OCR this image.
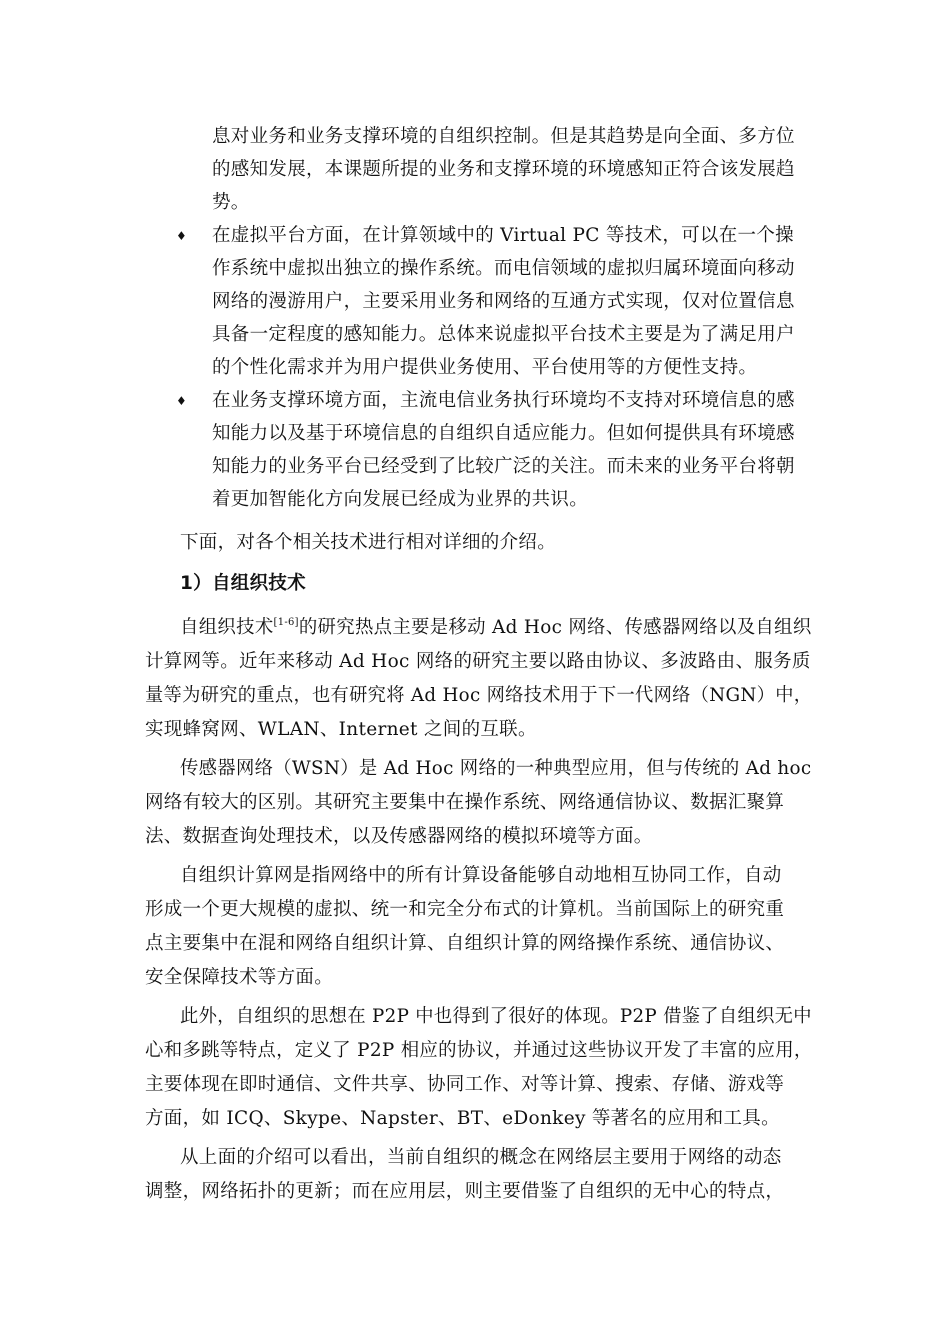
息对业务和业务支撑环境的自组织控制。但是其趋势是向全面、多方位
的感知发展，本课题所提的业务和支撑环境的环境感知正符合该发展趋
势。
♦ 在虚拟平台方面，在计算领域中的 Virtual PC 等技术，可以在一个操
作系统中虚拟出独立的操作系统。而电信领域的虚拟归属环境面向移动
网络的漫游用户，主要采用业务和网络的互通方式实现，仅对位置信息
具备一定程度的感知能力。总体来说虚拟平台技术主要是为了满足用户
的个性化需求并为用户提供业务使用、平台使用等的方便性支持。
♦ 在业务支撑环境方面，主流电信业务执行环境均不支持对环境信息的感
知能力以及基于环境信息的自组织自适应能力。但如何提供具有环境感
知能力的业务平台已经受到了比较广泛的关注。而未来的业务平台将朝
着更加智能化方向发展已经成为业界的共识。
下面，对各个相关技术进行相对详细的介绍。
1）自组织技术
自组织技术[1-6]的研究热点主要是移动 Ad Hoc 网络、传感器网络以及自组织
计算网等。近年来移动 Ad Hoc 网络的研究主要以路由协议、多波路由、服务质
量等为研究的重点，也有研究将 Ad Hoc 网络技术用于下一代网络（NGN）中，
实现蜂窝网、WLAN、Internet 之间的互联。
传感器网络（WSN）是 Ad Hoc 网络的一种典型应用，但与传统的 Ad hoc
网络有较大的区别。其研究主要集中在操作系统、网络通信协议、数据汇聚算
法、数据查询处理技术，以及传感器网络的模拟环境等方面。
自组织计算网是指网络中的所有计算设备能够自动地相互协同工作，自动
形成一个更大规模的虚拟、统一和完全分布式的计算机。当前国际上的研究重
点主要集中在混和网络自组织计算、自组织计算的网络操作系统、通信协议、
安全保障技术等方面。
此外，自组织的思想在 P2P 中也得到了很好的体现。P2P 借鉴了自组织无中
心和多跳等特点，定义了 P2P 相应的协议，并通过这些协议开发了丰富的应用，
主要体现在即时通信、文件共享、协同工作、对等计算、搜索、存储、游戏等
方面，如 ICQ、Skype、Napster、BT、eDonkey 等著名的应用和工具。
从上面的介绍可以看出，当前自组织的概念在网络层主要用于网络的动态
调整，网络拓扑的更新；而在应用层，则主要借鉴了自组织的无中心的特点，
